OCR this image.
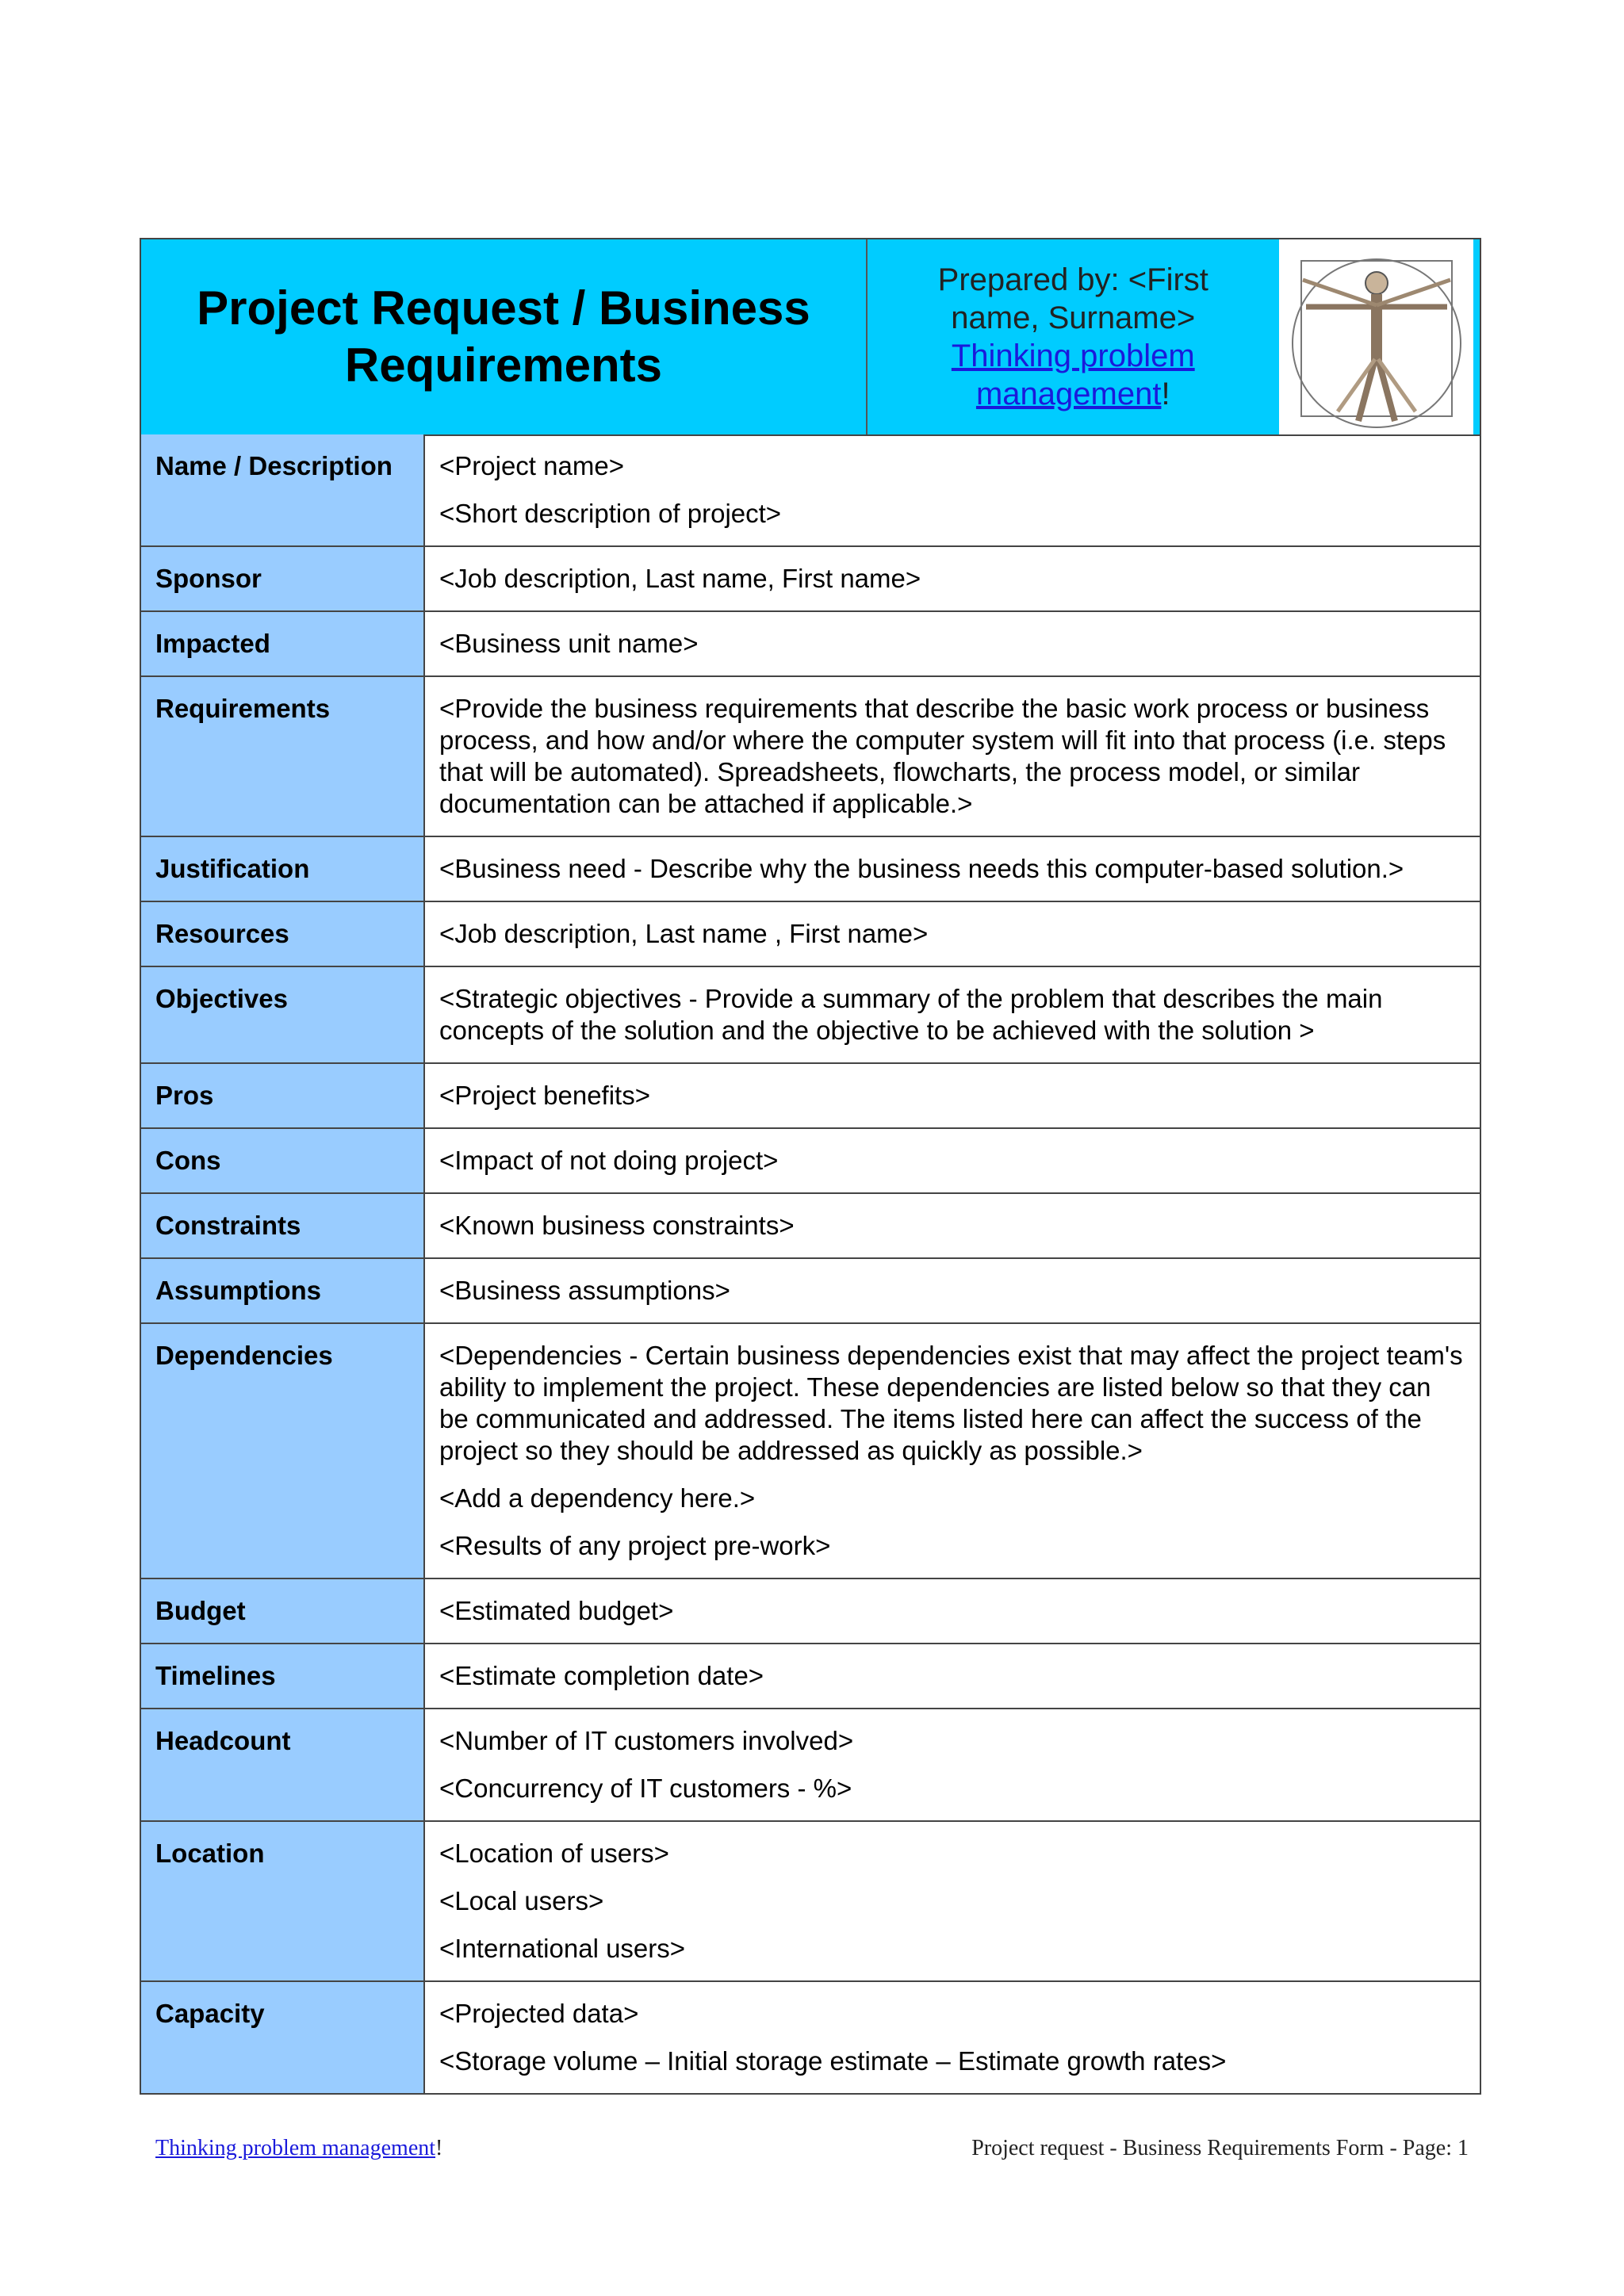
Project Request / Business
Requirements
Prepared by: <First
name, Surname>
Thinking problem
management!
Name / Description	<Project name>

<Short description of project>

Sponsor	<Job description, Last name, First name>

Impacted	<Business unit name>

Requirements	<Provide the business requirements that describe the basic work process or business process, and how and/or where the computer system will fit into that process (i.e. steps that will be automated). Spreadsheets, flowcharts, the process model, or similar documentation can be attached if applicable.>

Justification	<Business need - Describe why the business needs this computer-based solution.>

Resources	<Job description, Last name , First name>

Objectives	<Strategic objectives - Provide a summary of the problem that describes the main concepts of the solution and the objective to be achieved with the solution >

Pros	<Project benefits>

Cons	<Impact of not doing project>

Constraints	<Known business constraints>

Assumptions	<Business assumptions>

Dependencies	<Dependencies - Certain business dependencies exist that may affect the project team's ability to implement the project. These dependencies are listed below so that they can be communicated and addressed. The items listed here can affect the success of the project so they should be addressed as quickly as possible.>

<Add a dependency here.>

<Results of any project pre-work>

Budget	<Estimated budget>

Timelines	<Estimate completion date>

Headcount	<Number of IT customers involved>

<Concurrency of IT customers - %>

Location	<Location of users>

<Local users>

<International users>

Capacity	<Projected data>

<Storage volume – Initial storage estimate – Estimate growth rates>

Thinking problem management!	Project request - Business Requirements Form - Page: 1
